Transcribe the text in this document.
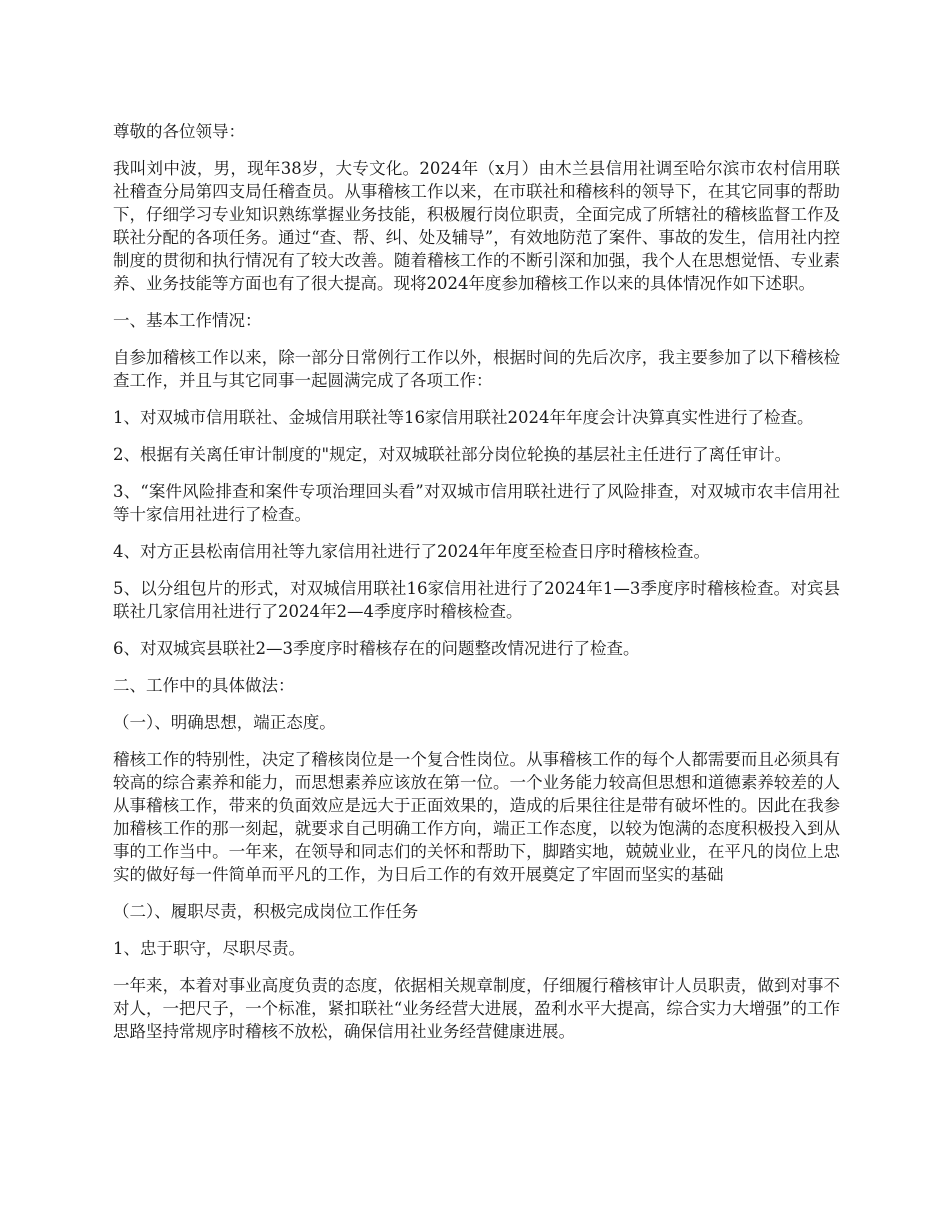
尊敬的各位领导：

我叫刘中波，男，现年38岁，大专文化。2024年（x月）由木兰县信用社调至哈尔滨市农村信用联社稽查分局第四支局任稽查员。从事稽核工作以来，在市联社和稽核科的领导下，在其它同事的帮助下，仔细学习专业知识熟练掌握业务技能，积极履行岗位职责，全面完成了所辖社的稽核监督工作及联社分配的各项任务。通过“查、帮、纠、处及辅导”，有效地防范了案件、事故的发生，信用社内控制度的贯彻和执行情况有了较大改善。随着稽核工作的不断引深和加强，我个人在思想觉悟、专业素养、业务技能等方面也有了很大提高。现将2024年度参加稽核工作以来的具体情况作如下述职。

一、基本工作情况：

自参加稽核工作以来，除一部分日常例行工作以外，根据时间的先后次序，我主要参加了以下稽核检查工作，并且与其它同事一起圆满完成了各项工作：

1、对双城市信用联社、金城信用联社等16家信用联社2024年年度会计决算真实性进行了检查。

2、根据有关离任审计制度的"规定，对双城联社部分岗位轮换的基层社主任进行了离任审计。

3、“案件风险排查和案件专项治理回头看”对双城市信用联社进行了风险排查，对双城市农丰信用社等十家信用社进行了检查。

4、对方正县松南信用社等九家信用社进行了2024年年度至检查日序时稽核检查。

5、以分组包片的形式，对双城信用联社16家信用社进行了2024年1—3季度序时稽核检查。对宾县联社几家信用社进行了2024年2—4季度序时稽核检查。

6、对双城宾县联社2—3季度序时稽核存在的问题整改情况进行了检查。

二、工作中的具体做法：

（一）、明确思想，端正态度。

稽核工作的特别性，决定了稽核岗位是一个复合性岗位。从事稽核工作的每个人都需要而且必须具有较高的综合素养和能力，而思想素养应该放在第一位。一个业务能力较高但思想和道德素养较差的人从事稽核工作，带来的负面效应是远大于正面效果的，造成的后果往往是带有破坏性的。因此在我参加稽核工作的那一刻起，就要求自己明确工作方向，端正工作态度，以较为饱满的态度积极投入到从事的工作当中。一年来，在领导和同志们的关怀和帮助下，脚踏实地，兢兢业业，在平凡的岗位上忠实的做好每一件简单而平凡的工作，为日后工作的有效开展奠定了牢固而坚实的基础

（二）、履职尽责，积极完成岗位工作任务

1、忠于职守，尽职尽责。

一年来，本着对事业高度负责的态度，依据相关规章制度，仔细履行稽核审计人员职责，做到对事不对人，一把尺子，一个标准，紧扣联社“业务经营大进展，盈利水平大提高，综合实力大增强”的工作思路坚持常规序时稽核不放松，确保信用社业务经营健康进展。
